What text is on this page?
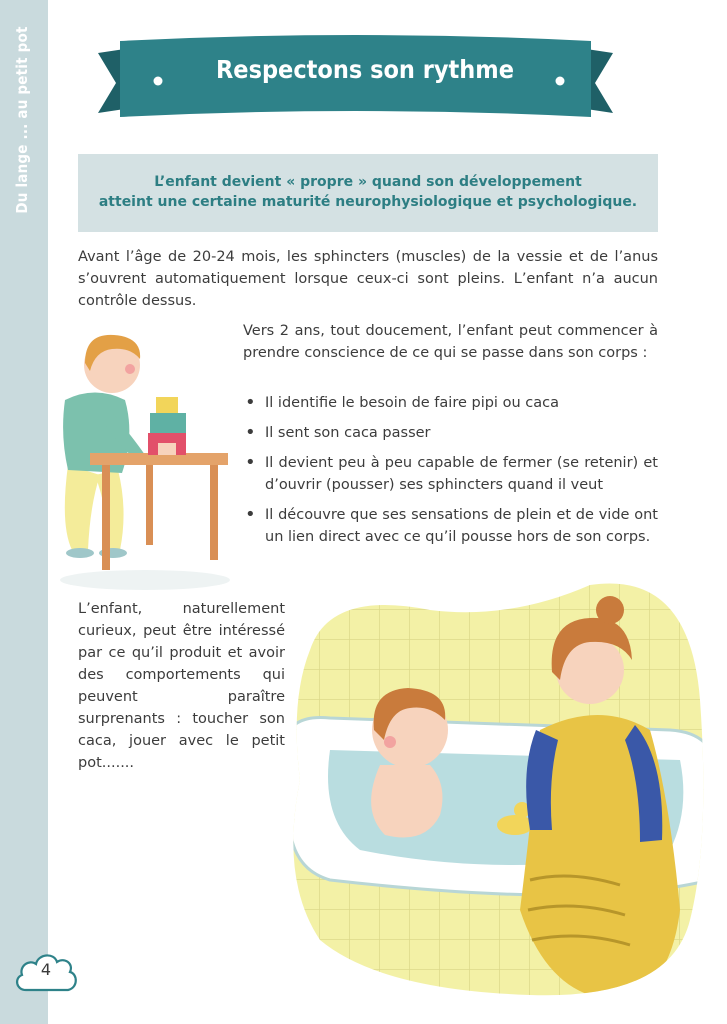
Du lange ... au petit pot
4
Respectons son rythme
L’enfant devient « propre » quand son développement
atteint une certaine maturité neurophysiologique et psychologique.
Avant l’âge de 20-24 mois, les sphincters (muscles) de la vessie et de l’anus s’ouvrent automatiquement lorsque ceux-ci sont pleins. L’enfant n’a aucun contrôle dessus.
Vers 2 ans, tout doucement, l’enfant peut commencer à prendre conscience de ce qui se passe dans son corps :
• Il identifie le besoin de faire pipi ou caca
• Il sent son caca passer
• Il devient peu à peu capable de fermer (se retenir) et d’ouvrir (pousser) ses sphincters quand il veut
• Il découvre que ses sensations de plein et de vide ont un lien direct avec ce qu’il pousse hors de son corps.
L’enfant, naturellement curieux, peut être intéressé par ce qu’il produit et avoir des comportements qui peuvent paraître surprenants : toucher son caca, jouer avec le petit pot.......
